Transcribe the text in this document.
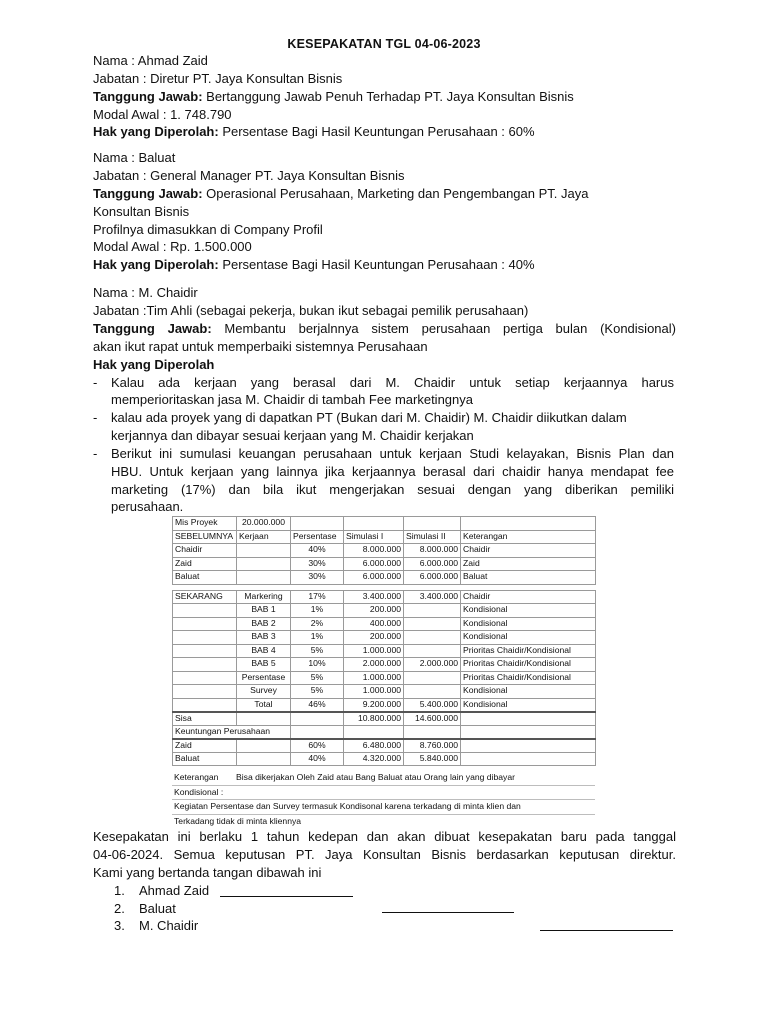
KESEPAKATAN TGL 04-06-2023
Nama : Ahmad Zaid
Jabatan : Diretur PT. Jaya Konsultan Bisnis
Tanggung Jawab: Bertanggung Jawab Penuh Terhadap PT. Jaya Konsultan Bisnis
Modal Awal : 1. 748.790
Hak yang Diperolah: Persentase Bagi Hasil Keuntungan Perusahaan : 60%
Nama : Baluat
Jabatan : General Manager PT. Jaya Konsultan Bisnis
Tanggung Jawab: Operasional Perusahaan, Marketing dan Pengembangan PT. Jaya
Konsultan Bisnis
Profilnya dimasukkan di Company Profil
Modal Awal : Rp. 1.500.000
Hak yang Diperolah: Persentase Bagi Hasil Keuntungan Perusahaan : 40%
Nama : M. Chaidir
Jabatan :Tim Ahli (sebagai pekerja, bukan ikut sebagai pemilik perusahaan)
Tanggung Jawab: Membantu berjalnnya sistem perusahaan pertiga bulan (Kondisional)
akan ikut rapat untuk memperbaiki sistemnya Perusahaan
Hak yang Diperolah
- Kalau ada kerjaan yang berasal dari M. Chaidir untuk setiap kerjaannya harus
memperioritaskan jasa M. Chaidir di tambah Fee marketingnya
- kalau ada proyek yang di dapatkan PT (Bukan dari M. Chaidir) M. Chaidir diikutkan dalam
kerjannya dan dibayar sesuai kerjaan yang M. Chaidir kerjakan
- Berikut ini sumulasi keuangan perusahaan untuk kerjaan Studi kelayakan, Bisnis Plan dan
HBU. Untuk kerjaan yang lainnya jika kerjaannya berasal dari chaidir hanya mendapat fee
marketing (17%) dan bila ikut mengerjakan sesuai dengan yang diberikan pemiliki
perusahaan.
Mis Proyek	20.000.000				
SEBELUMNYA	Kerjaan	Persentase	Simulasi I	Simulasi II	Keterangan
Chaidir		40%	8.000.000	8.000.000	Chaidir
Zaid		30%	6.000.000	6.000.000	Zaid
Baluat		30%	6.000.000	6.000.000	Baluat

SEKARANG	Markering	17%	3.400.000	3.400.000	Chaidir
	BAB 1	1%	200.000		Kondisional
	BAB 2	2%	400.000		Kondisional
	BAB 3	1%	200.000		Kondisional
	BAB 4	5%	1.000.000		Prioritas Chaidir/Kondisional
	BAB 5	10%	2.000.000	2.000.000	Prioritas Chaidir/Kondisional
	Persentase	5%	1.000.000		Prioritas Chaidir/Kondisional
	Survey	5%	1.000.000		Kondisional
	Total	46%	9.200.000	5.400.000	Kondisional
Sisa			10.800.000	14.600.000	
Keuntungan Perusahaan					
Zaid		60%	6.480.000	8.760.000	
Baluat		40%	4.320.000	5.840.000	
Keterangan Bisa dikerjakan Oleh Zaid atau Bang Baluat atau Orang lain yang dibayar
Kondisional :
Kegiatan Persentase dan Survey termasuk Kondisonal karena terkadang di minta klien dan
Terkadang tidak di minta kliennya
Kesepakatan ini berlaku 1 tahun kedepan dan akan dibuat kesepakatan baru pada tanggal
04-06-2024. Semua keputusan PT. Jaya Konsultan Bisnis berdasarkan keputusan direktur.
Kami yang bertanda tangan dibawah ini
1. Ahmad Zaid
2. Baluat
3. M. Chaidir
